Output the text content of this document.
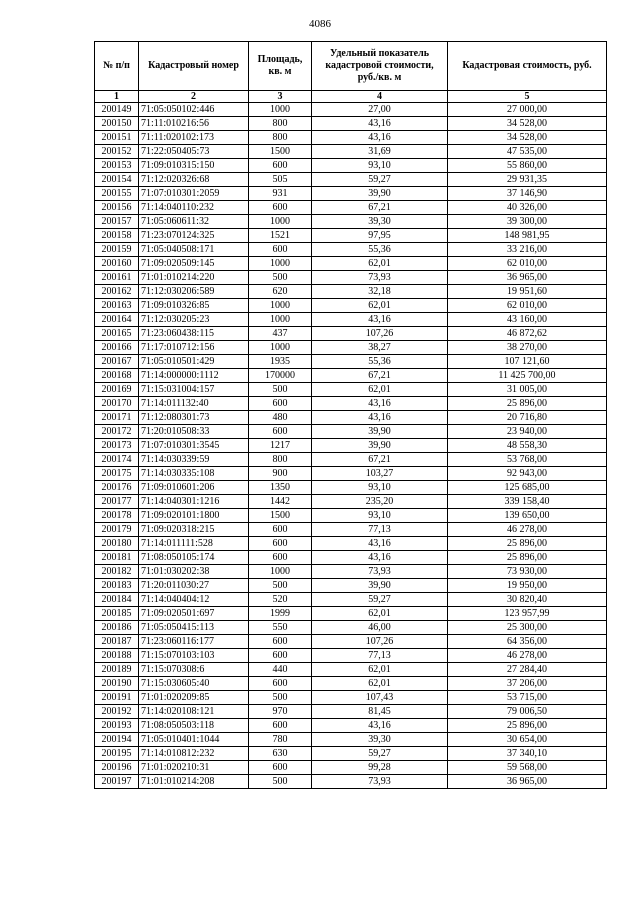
4086
№ п/п	Кадастровый номер	Площадь, кв. м	Удельный показатель кадастровой стоимости, руб./кв. м	Кадастровая стоимость, руб.
1	2	3	4	5
200149	71:05:050102:446	1000	27,00	27 000,00
200150	71:11:010216:56	800	43,16	34 528,00
200151	71:11:020102:173	800	43,16	34 528,00
200152	71:22:050405:73	1500	31,69	47 535,00
200153	71:09:010315:150	600	93,10	55 860,00
200154	71:12:020326:68	505	59,27	29 931,35
200155	71:07:010301:2059	931	39,90	37 146,90
200156	71:14:040110:232	600	67,21	40 326,00
200157	71:05:060611:32	1000	39,30	39 300,00
200158	71:23:070124:325	1521	97,95	148 981,95
200159	71:05:040508:171	600	55,36	33 216,00
200160	71:09:020509:145	1000	62,01	62 010,00
200161	71:01:010214:220	500	73,93	36 965,00
200162	71:12:030206:589	620	32,18	19 951,60
200163	71:09:010326:85	1000	62,01	62 010,00
200164	71:12:030205:23	1000	43,16	43 160,00
200165	71:23:060438:115	437	107,26	46 872,62
200166	71:17:010712:156	1000	38,27	38 270,00
200167	71:05:010501:429	1935	55,36	107 121,60
200168	71:14:000000:1112	170000	67,21	11 425 700,00
200169	71:15:031004:157	500	62,01	31 005,00
200170	71:14:011132:40	600	43,16	25 896,00
200171	71:12:080301:73	480	43,16	20 716,80
200172	71:20:010508:33	600	39,90	23 940,00
200173	71:07:010301:3545	1217	39,90	48 558,30
200174	71:14:030339:59	800	67,21	53 768,00
200175	71:14:030335:108	900	103,27	92 943,00
200176	71:09:010601:206	1350	93,10	125 685,00
200177	71:14:040301:1216	1442	235,20	339 158,40
200178	71:09:020101:1800	1500	93,10	139 650,00
200179	71:09:020318:215	600	77,13	46 278,00
200180	71:14:011111:528	600	43,16	25 896,00
200181	71:08:050105:174	600	43,16	25 896,00
200182	71:01:030202:38	1000	73,93	73 930,00
200183	71:20:011030:27	500	39,90	19 950,00
200184	71:14:040404:12	520	59,27	30 820,40
200185	71:09:020501:697	1999	62,01	123 957,99
200186	71:05:050415:113	550	46,00	25 300,00
200187	71:23:060116:177	600	107,26	64 356,00
200188	71:15:070103:103	600	77,13	46 278,00
200189	71:15:070308:6	440	62,01	27 284,40
200190	71:15:030605:40	600	62,01	37 206,00
200191	71:01:020209:85	500	107,43	53 715,00
200192	71:14:020108:121	970	81,45	79 006,50
200193	71:08:050503:118	600	43,16	25 896,00
200194	71:05:010401:1044	780	39,30	30 654,00
200195	71:14:010812:232	630	59,27	37 340,10
200196	71:01:020210:31	600	99,28	59 568,00
200197	71:01:010214:208	500	73,93	36 965,00
